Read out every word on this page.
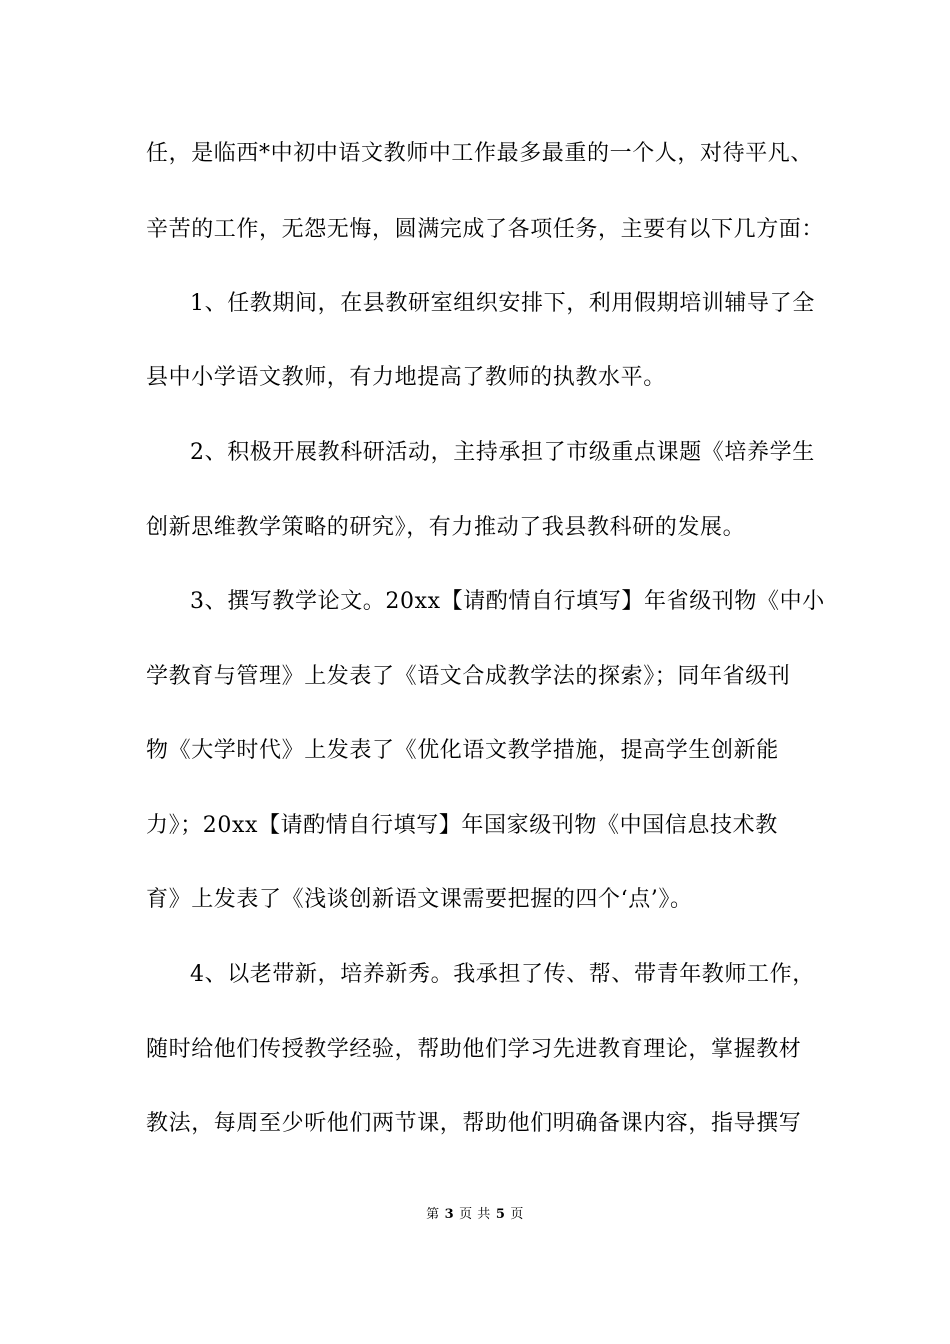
任，是临西*中初中语文教师中工作最多最重的一个人，对待平凡、
辛苦的工作，无怨无悔，圆满完成了各项任务，主要有以下几方面：
1、任教期间，在县教研室组织安排下，利用假期培训辅导了全
县中小学语文教师，有力地提高了教师的执教水平。
2、积极开展教科研活动，主持承担了市级重点课题《培养学生
创新思维教学策略的研究》，有力推动了我县教科研的发展。
3、撰写教学论文。20xx【请酌情自行填写】年省级刊物《中小
学教育与管理》上发表了《语文合成教学法的探索》；同年省级刊
物《大学时代》上发表了《优化语文教学措施，提高学生创新能
力》；20xx【请酌情自行填写】年国家级刊物《中国信息技术教
育》上发表了《浅谈创新语文课需要把握的四个‘点’》。
4、以老带新，培养新秀。我承担了传、帮、带青年教师工作，
随时给他们传授教学经验，帮助他们学习先进教育理论，掌握教材
教法，每周至少听他们两节课，帮助他们明确备课内容，指导撰写
第 3 页 共 5 页
